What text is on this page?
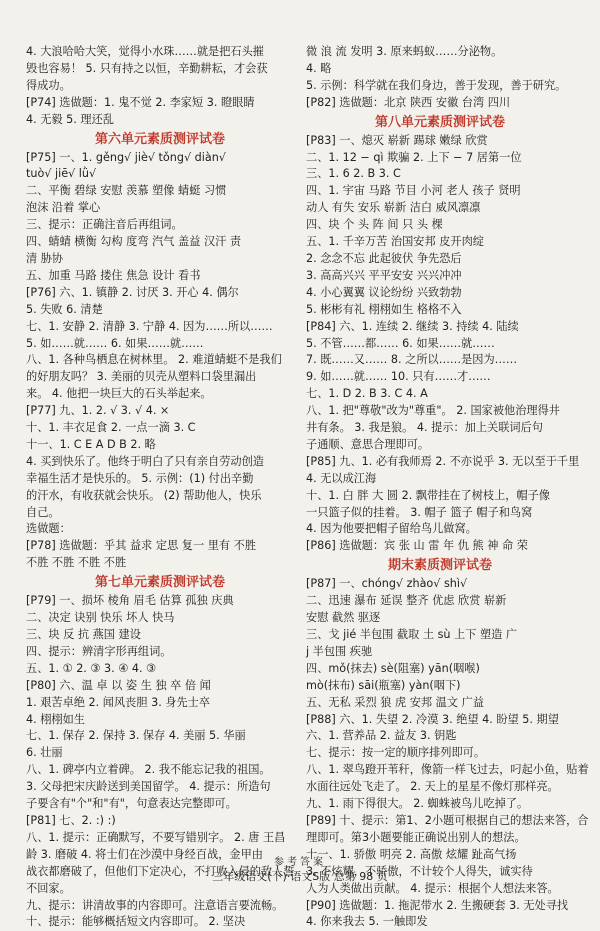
4. 大浪哈哈大笑，觉得小水珠……就是把石头摧
毁也容易！ 5. 只有持之以恒，辛勤耕耘，才会获
得成功。
[P74] 选做题：1. 鬼不觉 2. 李家短 3. 瞪眼睛
4. 无毅 5. 理还乱
第六单元素质测评试卷
[P75] 一、1. gěng√ jiè√ tǒng√ diàn√
tuò√ jiē√ lǜ√
二、平衡 碧绿 安慰 羡慕 塑像 蜻蜓 习惯
泡沫 沿着 掌心
三、提示：正确注音后再组词。
四、蜻蜻 横衡 勾构 度弯 汽气 盖益 汉汗 责
清 胁协
五、加重 马路 搂住 焦急 设计 看书
[P76] 六、1. 镇静 2. 讨厌 3. 开心 4. 偶尔
5. 失败 6. 清楚
七、1. 安静 2. 清静 3. 宁静 4. 因为……所以……
5. 如……就…… 6. 如果……就……
八、1. 各种鸟栖息在树林里。 2. 难道蜻蜓不是我们
的好朋友吗？ 3. 美丽的贝壳从塑料口袋里漏出
来。 4. 他把一块巨大的石头举起来。
[P77] 九、1. 2. √ 3. √ 4. ×
十、1. 丰衣足食 2. 一点一滴 3. C
十一、1. C E A D B 2. 略
4. 买到快乐了。他终于明白了只有亲自劳动创造
幸福生活才是快乐的。 5. 示例：(1) 付出辛勤
的汗水，有收获就会快乐。 (2) 帮助他人，快乐
自己。
选做题：
[P78] 选做题：乎其 益求 定思 复一 里有 不胜
不胜 不胜 不胜 不胜
第七单元素质测评试卷
[P79] 一、损坏 棱角 眉毛 估算 孤独 庆典
二、决定 诀别 快乐 坏人 快马
三、块 反 抗 燕国 建设
四、提示：辨清字形再组词。
五、1. ① 2. ③ 3. ④ 4. ③
[P80] 六、温 卓 以 姿 生 独 卒 倍 闻
1. 艰苦卓绝 2. 闻风丧胆 3. 身先士卒
4. 栩栩如生
七、1. 保存 2. 保持 3. 保存 4. 美丽 5. 华丽
6. 壮丽
八、1. 碑亭内立着碑。 2. 我不能忘记我的祖国。
3. 父母把宋庆龄送到美国留学。 4. 提示：所造句
子要含有"个"和"有"，句意表达完整即可。
[P81] 七、2. :) :)
八、1. 提示：正确默写，不要写错别字。 2. 唐 王昌
龄 3. 磨破 4. 将士们在沙漠中身经百战，金甲由
战衣都磨破了，但他们下定决心，不打败入侵的敌人誓
不回家。
九、提示：讲清故事的内容即可。注意语言要流畅。
十、提示：能够概括短文内容即可。 2. 坚决
微 浪 流 发明 3. 原来蚂蚁……分泌物。
4. 略
5. 示例：科学就在我们身边，善于发现，善于研究。
[P82] 选做题：北京 陕西 安徽 台湾 四川
第八单元素质测评试卷
[P83] 一、熄灭 崭新 踢球 嫩绿 欣赏
二、1. 12 − qì 欺骗 2. 上下 − 7 居第一位
三、1. 6 2. B 3. C
四、1. 宇宙 马路 节目 小河 老人 孩子 贤明
动人 有失 安乐 崭新 洁白 威风凛凛
四、块 个 头 阵 间 只 头 棵
五、1. 千辛万苦 治国安邦 皮开肉绽
2. 念念不忘 此起彼伏 争先恐后
3. 高高兴兴 平平安安 兴兴冲冲
4. 小心翼翼 议论纷纷 兴致勃勃
5. 彬彬有礼 栩栩如生 格格不入
[P84] 六、1. 连续 2. 继续 3. 持续 4. 陆续
5. 不管……都…… 6. 如果……就……
7. 既……又…… 8. 之所以……是因为……
9. 如……就…… 10. 只有……才……
七、1. D 2. B 3. C 4. A
八、1. 把"尊敬"改为"尊重"。 2. 国家被他治理得井
井有条。 3. 我是狼。 4. 提示：加上关联词后句
子通顺、意思合理即可。
[P85] 九、1. 必有我师焉 2. 不亦说乎 3. 无以至于千里
4. 无以成江海
十、1. 白 胖 大 圆 2. 飘带挂在了树枝上，帽子像
一只篮子似的挂着。 3. 帽子 篮子 帽子和鸟窝
4. 因为他要把帽子留给鸟儿做窝。
[P86] 选做题：宾 张 山 雷 年 仇 熊 神 命 荣
期末素质测评试卷
[P87] 一、chóng√ zhào√ shì√
二、迅速 瀑布 延误 整齐 优虑 欣赏 崭新
安慰 截然 驱逐
三、戈 jié 半包围 截取 土 sù 上下 塑造 广
j 半包围 疾驰
四、mǒ(抹去) sè(阻塞) yān(咽喉)
mò(抹布) sāi(瓶塞) yàn(咽下)
五、无私 采烈 狼 虎 安邦 温文 广益
[P88] 六、1. 失望 2. 冷漠 3. 绝望 4. 盼望 5. 期望
六、1. 营养品 2. 益友 3. 钥匙
七、提示：按一定的顺序排列即可。
八、1. 翠鸟蹬开苇秆，像箭一样飞过去，叼起小鱼，贴着
水面往远处飞走了。 2. 天上的星星不像灯那样亮。
九、1. 雨下得很大。 2. 蜘蛛被鸟儿吃掉了。
[P89] 十、提示：第1、2小题可根据自己的想法来答，合
理即可。第3小题要能正确说出别人的想法。
十一、1. 骄傲 明亮 2. 高傲 炫耀 趾高气扬
3. 不炫耀，不骄傲，不计较个人得失，诚实待
人为人类做出贡献。 4. 提示：根据个人想法来答。
[P90] 选做题：1. 拖泥带水 2. 生搬硬套 3. 无处寻找
4. 你来我去 5. 一触即发
参考答案
三年级语文(下)·语文S版 总第 98 页
